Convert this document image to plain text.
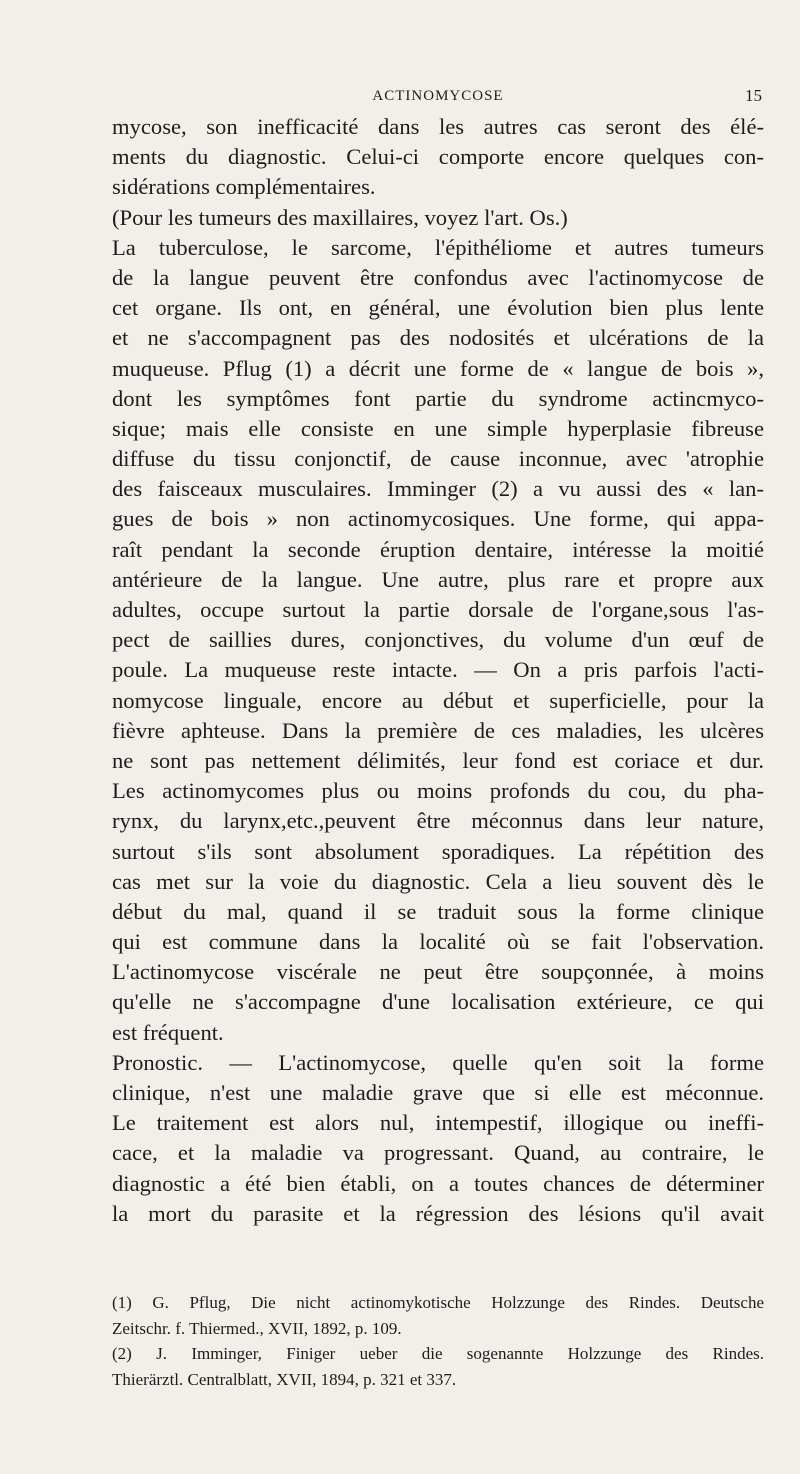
ACTINOMYCOSE	15
mycose, son inefficacité dans les autres cas seront des élé-
ments du diagnostic. Celui-ci comporte encore quelques con-
sidérations complémentaires.
(Pour les tumeurs des maxillaires, voyez l'art. Os.)
La tuberculose, le sarcome, l'épithéliome et autres tumeurs
de la langue peuvent être confondus avec l'actinomycose de
cet organe. Ils ont, en général, une évolution bien plus lente
et ne s'accompagnent pas des nodosités et ulcérations de la
muqueuse. Pflug (1) a décrit une forme de « langue de bois »,
dont les symptômes font partie du syndrome actincmyco-
sique; mais elle consiste en une simple hyperplasie fibreuse
diffuse du tissu conjonctif, de cause inconnue, avec 'atrophie
des faisceaux musculaires. Imminger (2) a vu aussi des « lan-
gues de bois » non actinomycosiques. Une forme, qui appa-
raît pendant la seconde éruption dentaire, intéresse la moitié
antérieure de la langue. Une autre, plus rare et propre aux
adultes, occupe surtout la partie dorsale de l'organe,sous l'as-
pect de saillies dures, conjonctives, du volume d'un œuf de
poule. La muqueuse reste intacte. — On a pris parfois l'acti-
nomycose linguale, encore au début et superficielle, pour la
fièvre aphteuse. Dans la première de ces maladies, les ulcères
ne sont pas nettement délimités, leur fond est coriace et dur.
Les actinomycomes plus ou moins profonds du cou, du pha-
rynx, du larynx,etc.,peuvent être méconnus dans leur nature,
surtout s'ils sont absolument sporadiques. La répétition des
cas met sur la voie du diagnostic. Cela a lieu souvent dès le
début du mal, quand il se traduit sous la forme clinique
qui est commune dans la localité où se fait l'observation.
L'actinomycose viscérale ne peut être soupçonnée, à moins
qu'elle ne s'accompagne d'une localisation extérieure, ce qui
est fréquent.
Pronostic. — L'actinomycose, quelle qu'en soit la forme
clinique, n'est une maladie grave que si elle est méconnue.
Le traitement est alors nul, intempestif, illogique ou ineffi-
cace, et la maladie va progressant. Quand, au contraire, le
diagnostic a été bien établi, on a toutes chances de déterminer
la mort du parasite et la régression des lésions qu'il avait
(1) G. Pflug, Die nicht actinomykotische Holzzunge des Rindes. Deutsche
Zeitschr. f. Thiermed., XVII, 1892, p. 109.
(2) J. Imminger, Finiger ueber die sogenannte Holzzunge des Rindes.
Thierärztl. Centralblatt, XVII, 1894, p. 321 et 337.
